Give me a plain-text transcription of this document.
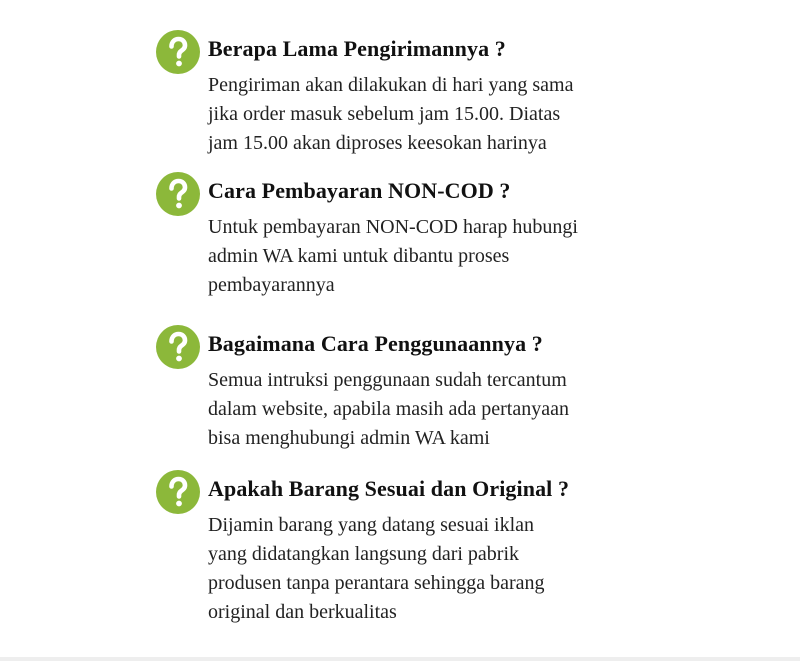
Berapa Lama Pengirimannya ?

Pengiriman akan dilakukan di hari yang sama
jika order masuk sebelum jam 15.00. Diatas
jam 15.00 akan diproses keesokan harinya

Cara Pembayaran NON-COD ?

Untuk pembayaran NON-COD harap hubungi
admin WA kami untuk dibantu proses
pembayarannya

Bagaimana Cara Penggunaannya ?

Semua intruksi penggunaan sudah tercantum
dalam website, apabila masih ada pertanyaan
bisa menghubungi admin WA kami

Apakah Barang Sesuai dan Original ?

Dijamin barang yang datang sesuai iklan
yang didatangkan langsung dari pabrik
produsen tanpa perantara sehingga barang
original dan berkualitas
